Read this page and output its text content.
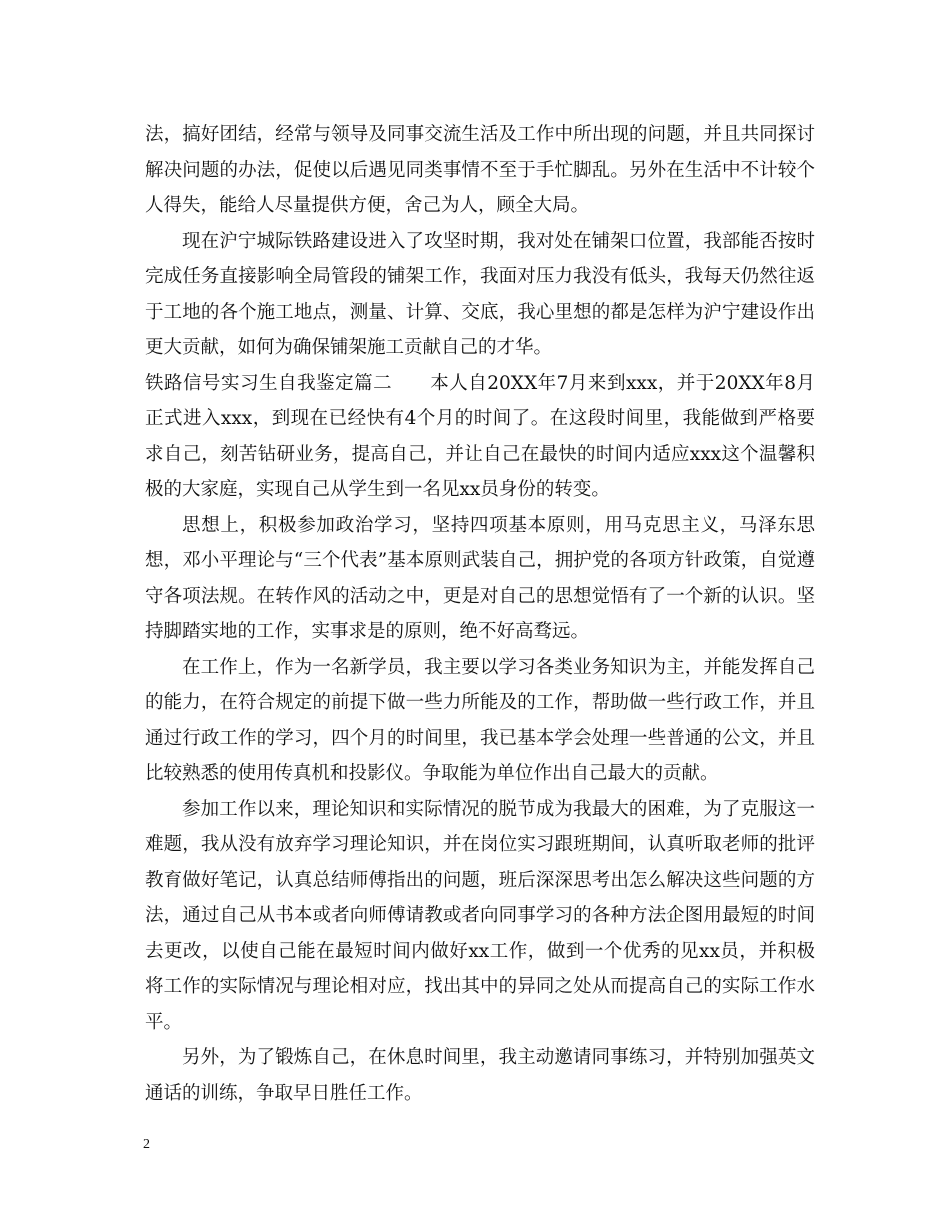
法，搞好团结，经常与领导及同事交流生活及工作中所出现的问题，并且共同探讨解决问题的办法，促使以后遇见同类事情不至于手忙脚乱。另外在生活中不计较个人得失，能给人尽量提供方便，舍己为人，顾全大局。

现在沪宁城际铁路建设进入了攻坚时期，我对处在铺架口位置，我部能否按时完成任务直接影响全局管段的铺架工作，我面对压力我没有低头，我每天仍然往返于工地的各个施工地点，测量、计算、交底，我心里想的都是怎样为沪宁建设作出更大贡献，如何为确保铺架施工贡献自己的才华。

铁路信号实习生自我鉴定篇二　　本人自20XX年7月来到xxx，并于20XX年8月正式进入xxx，到现在已经快有4个月的时间了。在这段时间里，我能做到严格要求自己，刻苦钻研业务，提高自己，并让自己在最快的时间内适应xxx这个温馨积极的大家庭，实现自己从学生到一名见xx员身份的转变。

思想上，积极参加政治学习，坚持四项基本原则，用马克思主义，马泽东思想，邓小平理论与“三个代表”基本原则武装自己，拥护党的各项方针政策，自觉遵守各项法规。在转作风的活动之中，更是对自己的思想觉悟有了一个新的认识。坚持脚踏实地的工作，实事求是的原则，绝不好高骛远。

在工作上，作为一名新学员，我主要以学习各类业务知识为主，并能发挥自己的能力，在符合规定的前提下做一些力所能及的工作，帮助做一些行政工作，并且通过行政工作的学习，四个月的时间里，我已基本学会处理一些普通的公文，并且比较熟悉的使用传真机和投影仪。争取能为单位作出自己最大的贡献。

参加工作以来，理论知识和实际情况的脱节成为我最大的困难，为了克服这一难题，我从没有放弃学习理论知识，并在岗位实习跟班期间，认真听取老师的批评教育做好笔记，认真总结师傅指出的问题，班后深深思考出怎么解决这些问题的方法，通过自己从书本或者向师傅请教或者向同事学习的各种方法企图用最短的时间去更改，以使自己能在最短时间内做好xx工作，做到一个优秀的见xx员，并积极将工作的实际情况与理论相对应，找出其中的异同之处从而提高自己的实际工作水平。

另外，为了锻炼自己，在休息时间里，我主动邀请同事练习，并特别加强英文通话的训练，争取早日胜任工作。

2
